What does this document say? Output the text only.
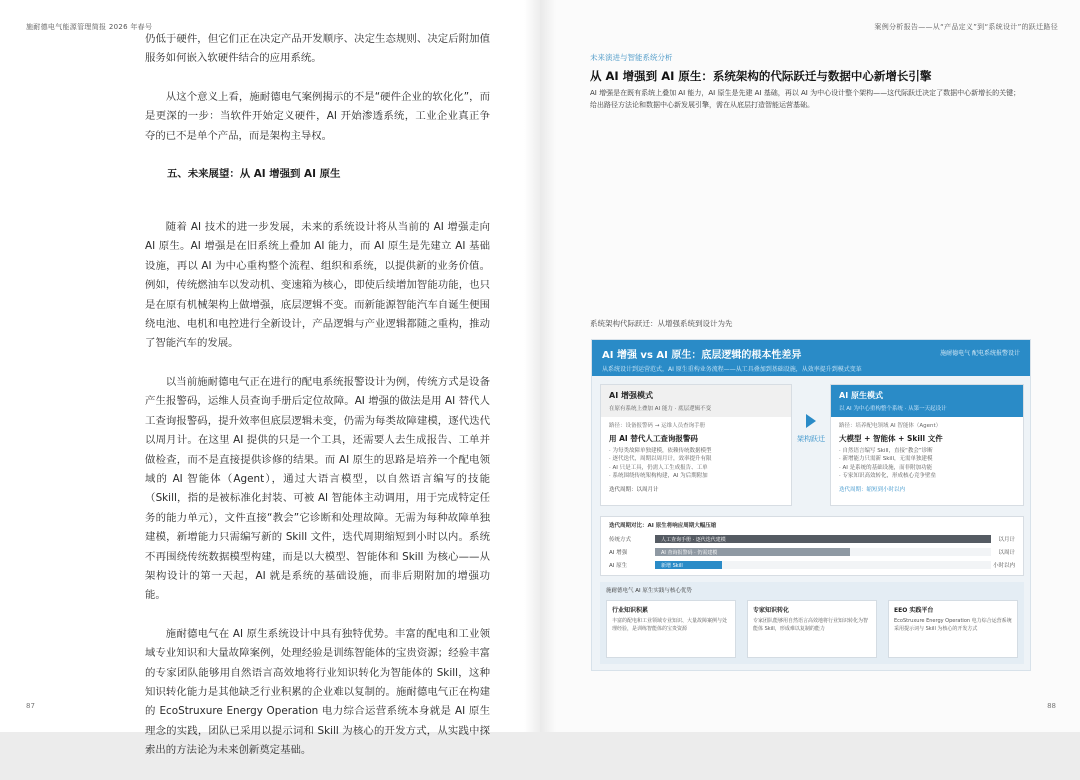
施耐德电气能源管理简报 2026 年春号

仍低于硬件，但它们正在决定产品开发顺序、决定生态规则、决定后附加值服务如何嵌入软硬件结合的应用系统。

从这个意义上看，施耐德电气案例揭示的不是“硬件企业的软化化”，而是更深的一步：当软件开始定义硬件，AI 开始渗透系统，工业企业真正争夺的已不是单个产品，而是架构主导权。

五、未来展望：从 AI 增强到 AI 原生

随着 AI 技术的进一步发展，未来的系统设计将从当前的 AI 增强走向 AI 原生。AI 增强是在旧系统上叠加 AI 能力，而 AI 原生是先建立 AI 基础设施，再以 AI 为中心重构整个流程、组织和系统，以提供新的业务价值。例如，传统燃油车以发动机、变速箱为核心，即使后续增加智能功能，也只是在原有机械架构上做增强，底层逻辑不变。而新能源智能汽车自诞生便围绕电池、电机和电控进行全新设计，产品逻辑与产业逻辑都随之重构，推动了智能汽车的发展。

以当前施耐德电气正在进行的配电系统报警设计为例，传统方式是设备产生报警码，运维人员查询手册后定位故障。AI 增强的做法是用 AI 替代人工查询报警码，提升效率但底层逻辑未变，仍需为每类故障建模，逐代迭代以周月计。在这里 AI 提供的只是一个工具，还需要人去生成报告、工单并做检查，而不是直接提供诊修的结果。而 AI 原生的思路是培养一个配电领域的 AI 智能体（Agent），通过大语言模型，以自然语言编写的技能（Skill，指的是被标准化封装、可被 AI 智能体主动调用，用于完成特定任务的能力单元），文件直接“教会”它诊断和处理故障。无需为每种故障单独建模，新增能力只需编写新的 Skill 文件，迭代周期缩短到小时以内。系统不再围绕传统数据模型构建，而是以大模型、智能体和 Skill 为核心——从架构设计的第一天起，AI 就是系统的基础设施，而非后期附加的增强功能。

施耐德电气在 AI 原生系统设计中具有独特优势。丰富的配电和工业领域专业知识和大量故障案例，处理经验是训练智能体的宝贵资源；经验丰富的专家团队能够用自然语言高效地将行业知识转化为智能体的 Skill，这种知识转化能力是其他缺乏行业积累的企业难以复制的。施耐德电气正在构建的 EcoStruxure Energy Operation 电力综合运营系统本身就是 AI 原生理念的实践，团队已采用以提示词和 Skill 为核心的开发方式，从实践中探索出的方法论为未来创新奠定基础。

87
案例分析报告——从“产品定义”到“系统设计”的跃迁路径
88
未来演进与智能系统分析
从 AI 增强到 AI 原生：系统架构的代际跃迁与数据中心新增长引擎
AI 增强是在既有系统上叠加 AI 能力，AI 原生是先建 AI 基础，再以 AI 为中心设计整个架构——这代际跃迁决定了数据中心新增长的关键；给出路径方法论和数据中心新发展引擎，需在从底层打造智能运营基础。
系统架构代际跃迁：从增强系统到设计为先
AI 增强 vs AI 原生：底层逻辑的根本性差异
从系统设计到运营范式，AI 原生重构业务流程——从工具叠加到基础设施，从效率提升到模式变革
施耐德电气 配电系统报警设计
AI 增强模式
在原有系统上叠加 AI 能力 · 底层逻辑不变
路径：设备报警码 → 运维人员查询手册
用 AI 替代人工查询报警码
· 为每类故障单独建模，依赖传统数据模型
· 逐代迭代，周期以周月计，效率提升有限
· AI 只是工具，仍需人工生成报告、工单
· 系统围绕传统架构构建，AI 为后期附加
迭代周期：以周月计
架构跃迁
AI 原生模式
以 AI 为中心重构整个系统 · 从第一天起设计
路径：培养配电领域 AI 智能体（Agent）
大模型 + 智能体 + Skill 文件
· 自然语言编写 Skill，直接“教会”诊断
· 新增能力只需新 Skill，无需单独建模
· AI 是系统的基础设施，而非附加功能
· 专家知识高效转化，形成核心竞争壁垒
迭代周期：缩短到小时以内
迭代周期对比：AI 原生将响应周期大幅压缩
传统方式	人工查询手册 · 逐代迭代建模	以月计
AI 增强	AI 查询报警码 · 仍需建模	以周计
AI 原生	新增 Skill	小时以内
施耐德电气 AI 原生实践与核心优势
行业知识积累
丰富的配电和工业领域专业知识、大量故障案例与处理经验，是训练智能体的宝贵资源
专家知识转化
专家团队能够用自然语言高效地将行业知识转化为智能体 Skill，形成难以复制的能力
EEO 实践平台
EcoStruxure Energy Operation 电力综合运营系统采用提示词与 Skill 为核心的开发方式
